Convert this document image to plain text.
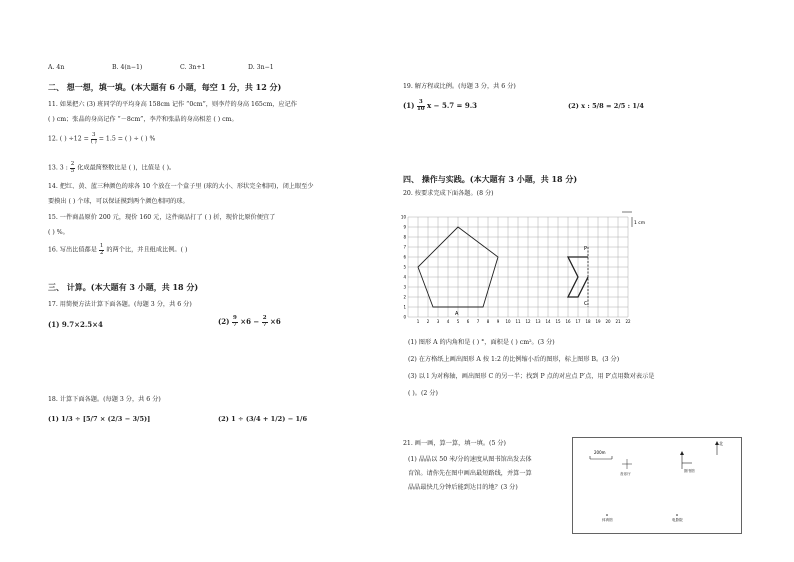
A. 4n	B. 4(n−1)	C. 3n+1	D. 3n−1
二、 想一想，填一填。(本大题有 6 小题，每空 1 分，共 12 分)
11. 如果把六 (3) 班同学的平均身高 158cm 记作 “0cm”，则李芹的身高 165cm，应记作
( ) cm；张晶的身高记作 “－8cm”，李芹和张晶的身高相差 ( ) cm。
12. ( ) $\div 12 = \frac{3}{( )} = 1.5$ = ( ) ÷ ( ) %
13. 3 : $\frac{2}{5}$ 化成最简整数比是 ( )，比值是 ( )。
14. 把红、黄、蓝三种颜色的球各 10 个放在一个盒子里 (球的大小、形状完全相同)，闭上眼至少
要摸出 ( ) 个球，可以保证摸到两个颜色相同的球。
15. 一件商品原价 200 元，现价 160 元，这件商品打了 ( ) 折，现价比原价便宜了
( ) %。
16. 写出比值都是 $\frac{1}{2}$ 的两个比，并且组成比例。( )
三、 计算。(本大题有 3 小题，共 18 分)
17. 用简便方法计算下面各题。(每题 3 分，共 6 分)
(1) 9.7×2.5×4	$(2) \frac{9}{7} \times 6 - \frac{2}{7} \times 6$
18. 计算下面各题。(每题 3 分，共 6 分)
(1) 1/3 ÷ [5/7 × (2/3 − 3/5)]	(2) 1 ÷ (3/4 + 1/2) − 1/6
19. 解方程或比例。(每题 3 分，共 6 分)
$(1) \frac{3}{10}$ x − 5.7 = 9.3	(2) x : 5/8 = 2/5 : 1/4
四、 操作与实践。(本大题有 3 小题，共 18 分)
20. 按要求完成下面各题。(8 分)
0
1
2
3
4
5
6
7
8
9
10
1 2 3 4 5 6 7 8 9 10 11 12 13 14 15 16 17 18 19 20 21 22
P
A
C
1 cm
(1) 图形 A 的内角和是 ( ) °，面积是 ( ) cm²。(3 分)
(2) 在方格纸上画出图形 A 按 1:2 的比例缩小后的图形，标上图形 B。(3 分)
(3) 以 l 为对称轴，画出图形 C 的另一半；找到 P 点的对应点 P′点，用 P′点用数对表示是
( )。(2 分)
21. 画一画，算一算，填一填。(5 分)
(1) 晶晶以 50 米/分的速度从图书馆出发去体
育馆。请你先在图中画出最短路线，并算一算
晶晶最快几分钟后能到达目的地？(3 分)
200m
北
音乐厅
图书馆
体育馆	电影院
